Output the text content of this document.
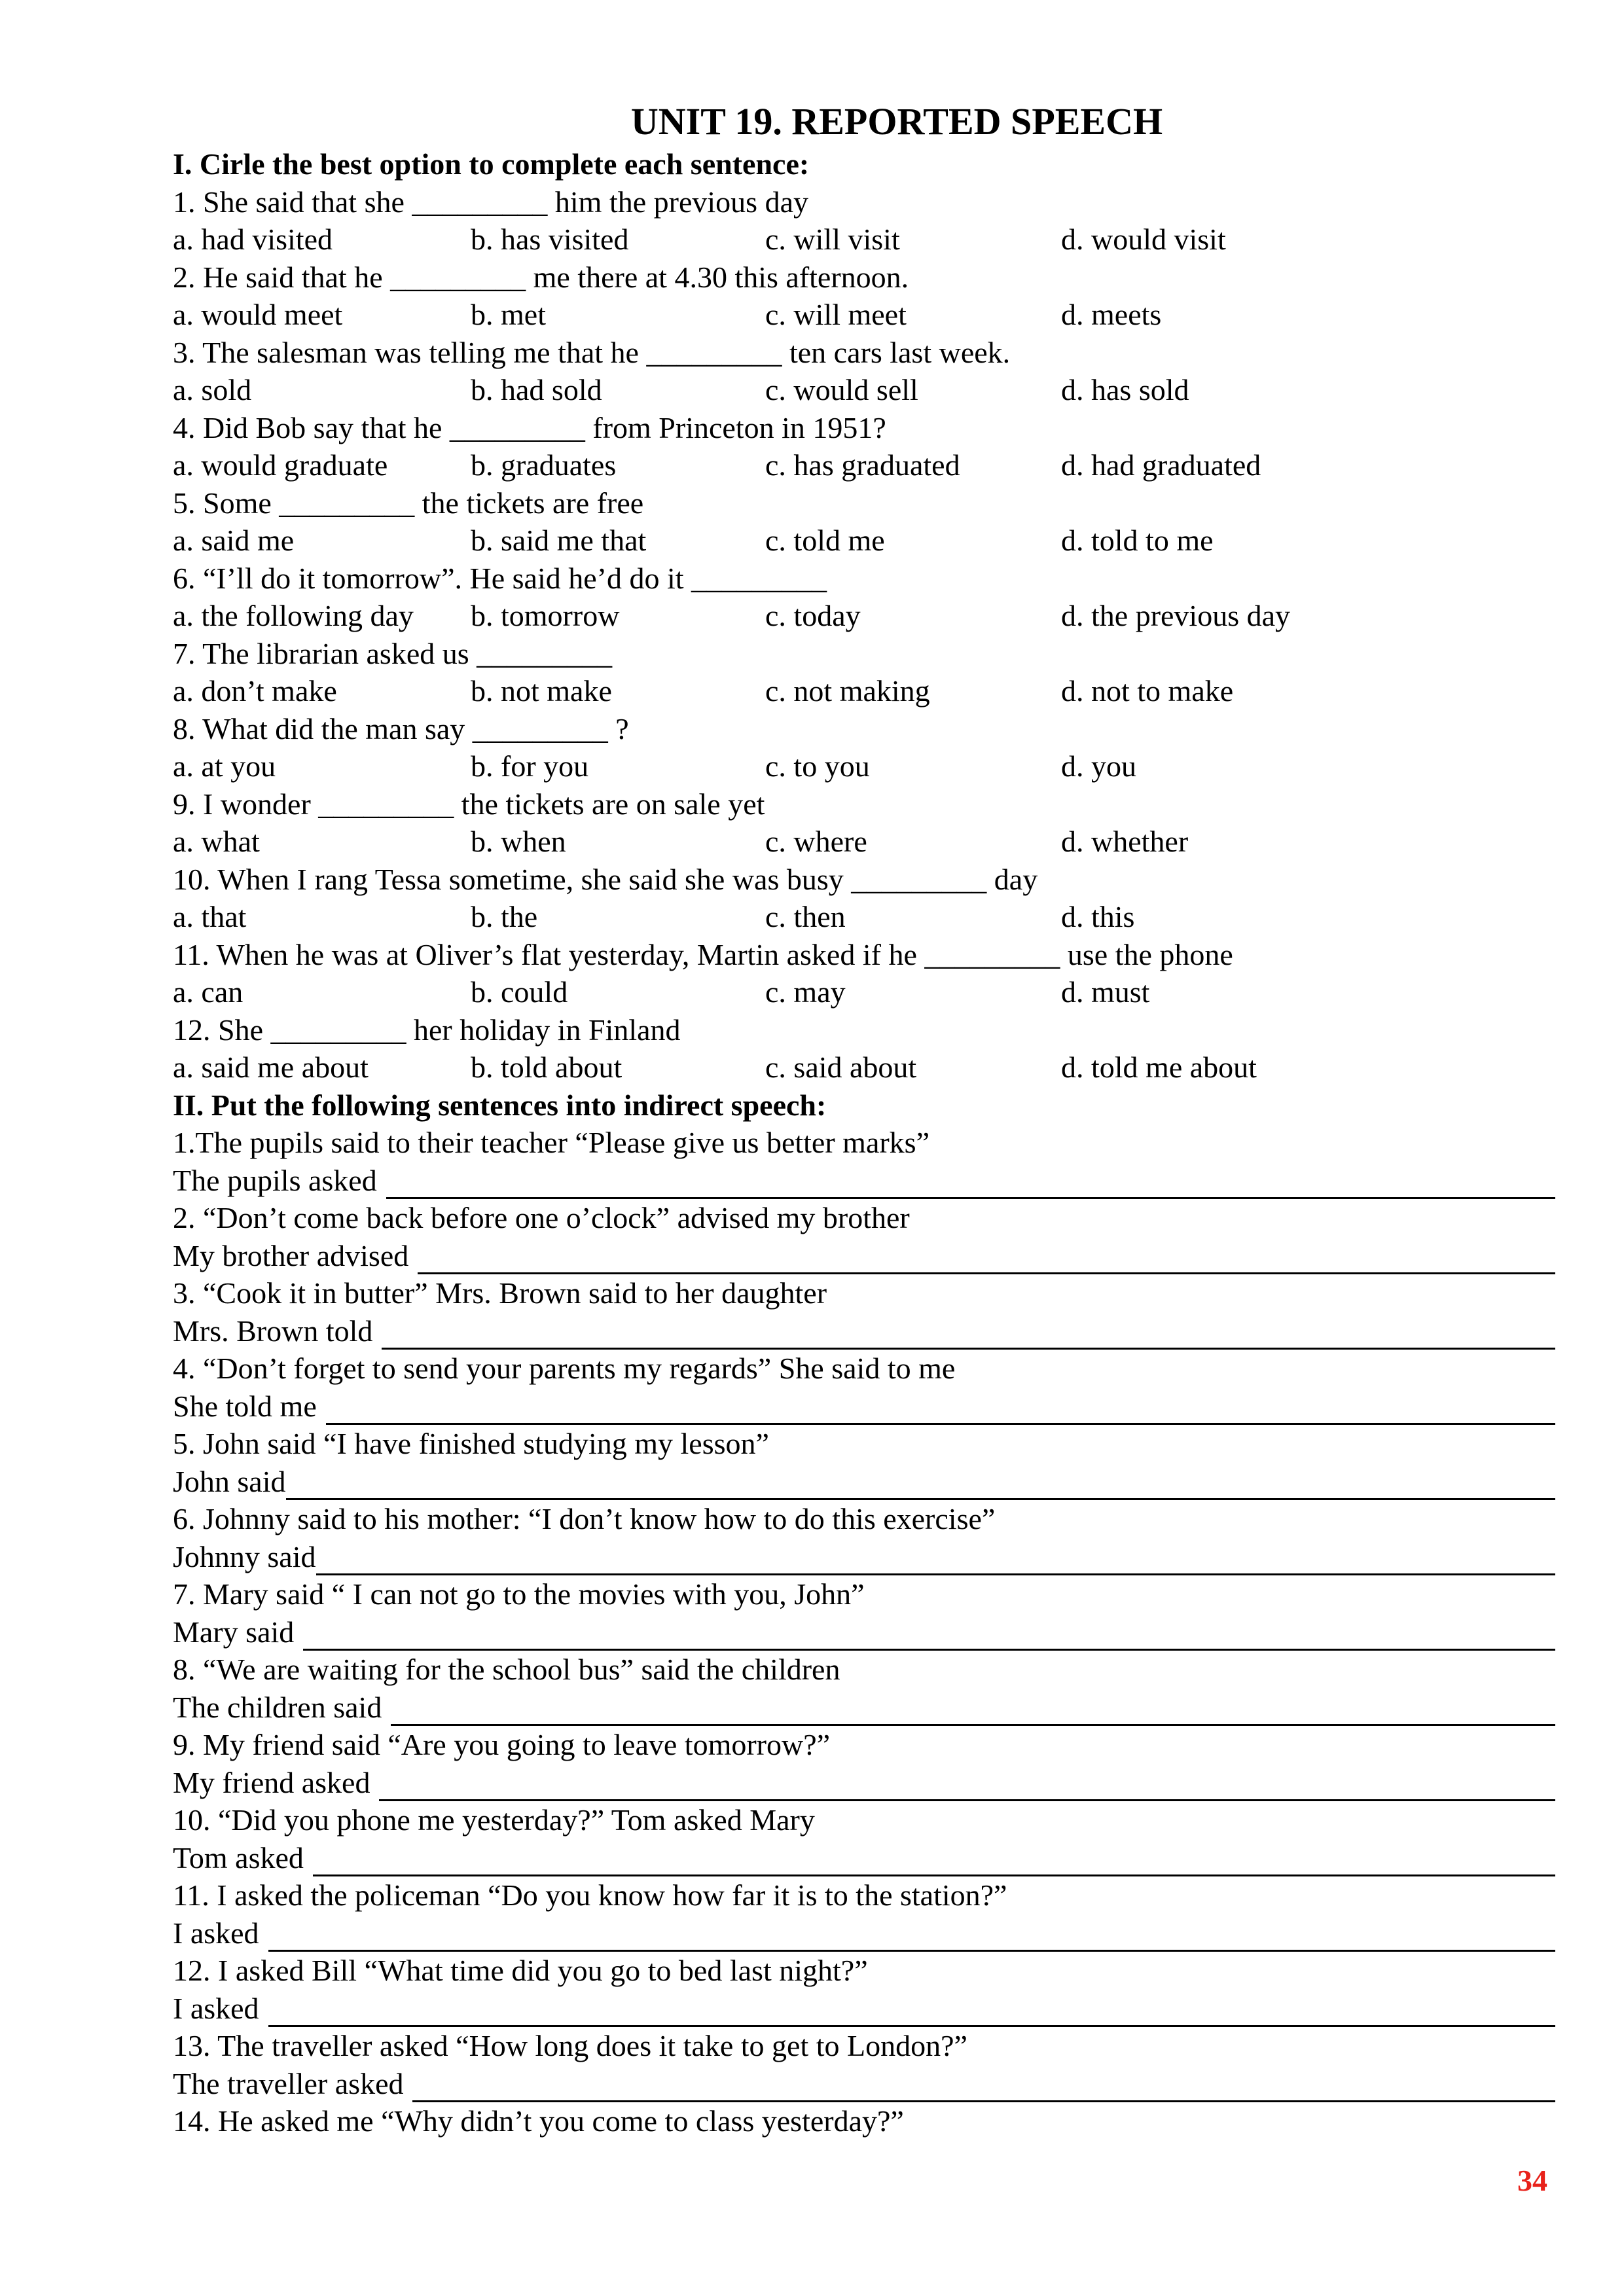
UNIT 19. REPORTED SPEECH
I. Cirle the best option to complete each sentence:
1. She said that she _________ him the previous day
a. had visited	b. has visited	c. will visit	d. would visit
2. He said that he _________ me there at 4.30 this afternoon.
a. would meet	b. met	c. will meet	d. meets
3. The salesman was telling me that he _________ ten cars last week.
a. sold	b. had sold	c. would sell	d. has sold
4. Did Bob say that he _________ from Princeton in 1951?
a. would graduate	b. graduates	c. has graduated	d. had graduated
5. Some _________ the tickets are free
a. said me	b. said me that	c. told me	d. told to me
6. “I’ll do it tomorrow”. He said he’d do it _________
a. the following day	b. tomorrow	c. today	d. the previous day
7. The librarian asked us _________
a. don’t make	b. not make	c. not making	d. not to make
8. What did the man say _________ ?
a. at you	b. for you	c. to you	d. you
9. I wonder _________ the tickets are on sale yet
a. what	b. when	c. where	d. whether
10. When I rang Tessa sometime, she said she was busy _________ day
a. that	b. the	c. then	d. this
11. When he was at Oliver’s flat yesterday, Martin asked if he _________ use the phone
a. can	b. could	c. may	d. must
12. She _________ her holiday in Finland
a. said me about	b. told about	c. said about	d. told me about
II. Put the following sentences into indirect speech:
1.The pupils said to their teacher “Please give us better marks”
The pupils asked
2. “Don’t come back before one o’clock” advised my brother
My brother advised
3. “Cook it in butter” Mrs. Brown said to her daughter
Mrs. Brown told
4. “Don’t forget to send your parents my regards” She said to me
She told me
5. John said “I have finished studying my lesson”
John said
6. Johnny said to his mother: “I don’t know how to do this exercise”
Johnny said
7. Mary said “ I can not go to the movies with you, John”
Mary said
8. “We are waiting for the school bus” said the children
The children said
9. My friend said “Are you going to leave tomorrow?”
My friend asked
10. “Did you phone me yesterday?” Tom asked Mary
Tom asked
11. I asked the policeman “Do you know how far it is to the station?”
I asked
12. I asked Bill “What time did you go to bed last night?”
I asked
13. The traveller asked “How long does it take to get to London?”
The traveller asked
14. He asked me “Why didn’t you come to class yesterday?”
34
